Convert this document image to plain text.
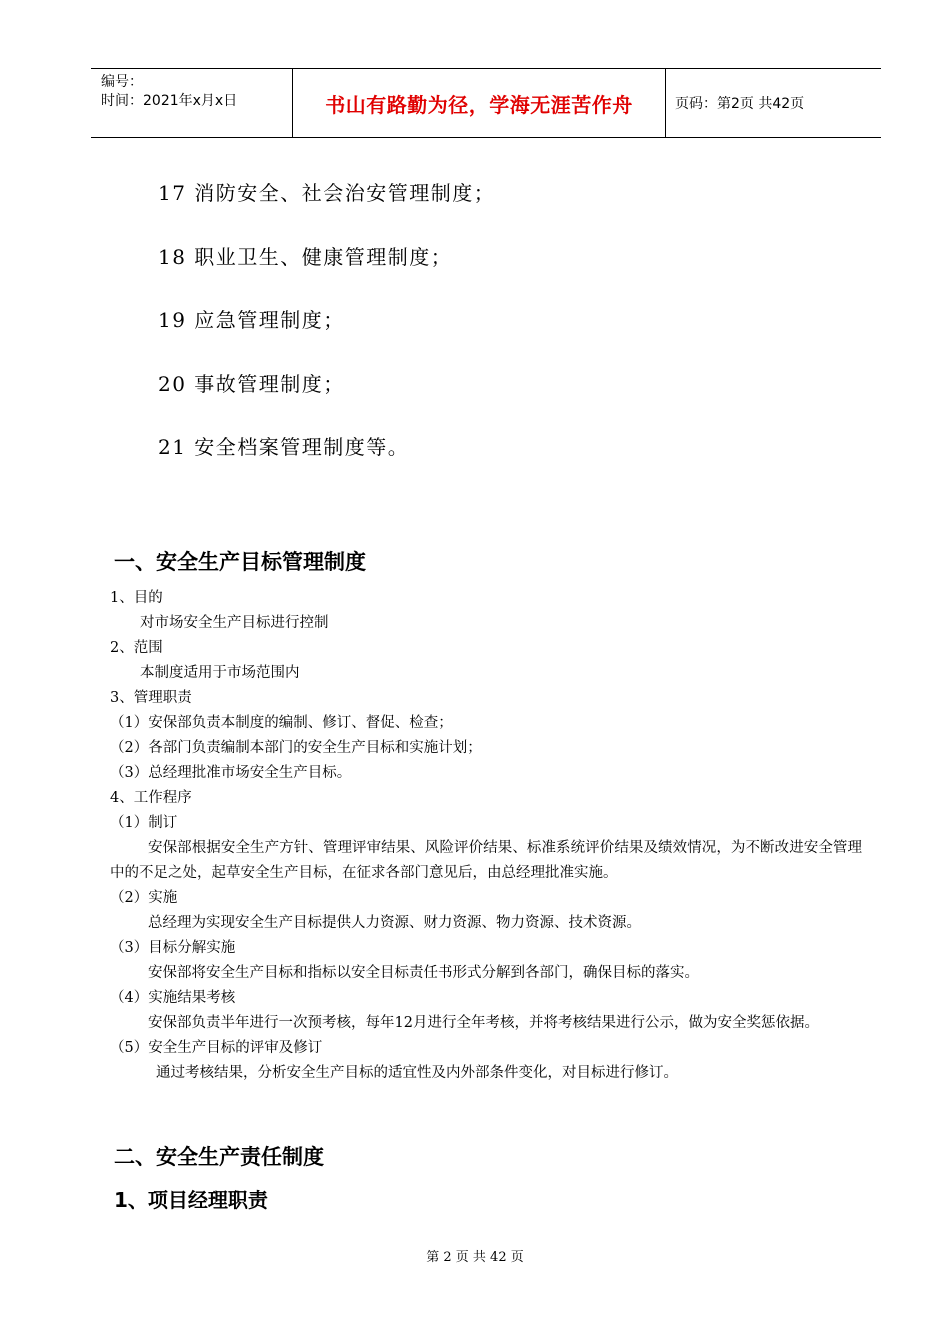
编号：
时间：2021年x月x日	书山有路勤为径，学海无涯苦作舟	页码：第2页 共42页
17 消防安全、社会治安管理制度；
18 职业卫生、健康管理制度；
19 应急管理制度；
20 事故管理制度；
21 安全档案管理制度等。
一、安全生产目标管理制度
1、目的
对市场安全生产目标进行控制
2、范围
本制度适用于市场范围内
3、管理职责
（1）安保部负责本制度的编制、修订、督促、检查；
（2）各部门负责编制本部门的安全生产目标和实施计划；
（3）总经理批准市场安全生产目标。
4、工作程序
（1）制订
安保部根据安全生产方针、管理评审结果、风险评价结果、标准系统评价结果及绩效情况，为不断改进安全管理中的不足之处，起草安全生产目标，在征求各部门意见后，由总经理批准实施。
（2）实施
总经理为实现安全生产目标提供人力资源、财力资源、物力资源、技术资源。
（3）目标分解实施
安保部将安全生产目标和指标以安全目标责任书形式分解到各部门，确保目标的落实。
（4）实施结果考核
安保部负责半年进行一次预考核，每年12月进行全年考核，并将考核结果进行公示，做为安全奖惩依据。
（5）安全生产目标的评审及修订
通过考核结果，分析安全生产目标的适宜性及内外部条件变化，对目标进行修订。
二、安全生产责任制度
1、项目经理职责
第 2 页 共 42 页
